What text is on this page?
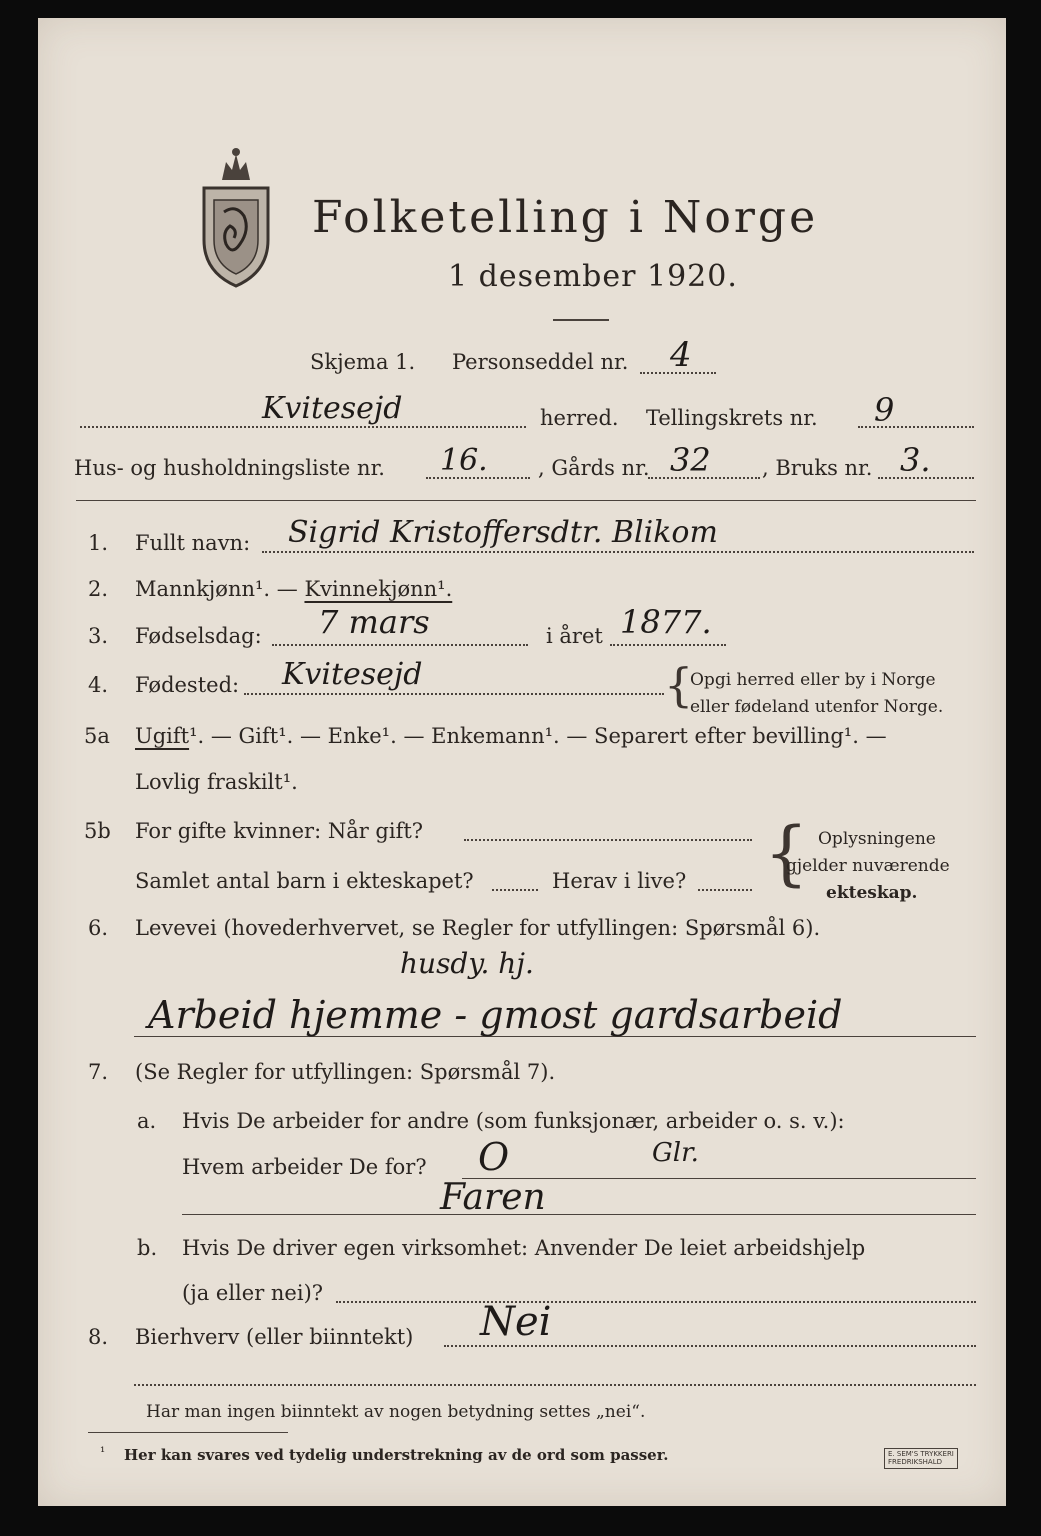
Folketelling i Norge
1 desember 1920.
Skjema 1. Personseddel nr. 4
Kvitesejd	herred. Tellingskrets nr. 9
Hus- og husholdningsliste nr. 16. , Gårds nr. 32 , Bruks nr. 3.
1. Fullt navn: Sigrid Kristoffersdtr. Blikom
2. Mannkjønn¹. — Kvinnekjønn¹.
3. Fødselsdag: 7 mars	i året 1877.
4. Fødested: Kvitesejd	{
Opgi herred eller by i Norge
eller fødeland utenfor Norge.
5a Ugift¹. — Gift¹. — Enke¹. — Enkemann¹. — Separert efter bevilling¹. —
Lovlig fraskilt¹.
5b For gifte kvinner: Når gift?
Samlet antal barn i ekteskapet?	Herav i live? { Oplysningene
gjelder nuværende
ekteskap.
6. Levevei (hovederhvervet, se Regler for utfyllingen: Spørsmål 6).
husdy. hj.
Arbeid hjemme - gmost gardsarbeid
7. (Se Regler for utfyllingen: Spørsmål 7).
a. Hvis De arbeider for andre (som funksjonær, arbeider o. s. v.):
Hvem arbeider De for? O	Glr.
Faren
b. Hvis De driver egen virksomhet: Anvender De leiet arbeidshjelp
(ja eller nei)?
8. Bierhverv (eller biinntekt) Nei
Har man ingen biinntekt av nogen betydning settes „nei“.
¹ Her kan svares ved tydelig understrekning av de ord som passer.	E. SEM'S TRYKKERI
FREDRIKSHALD
